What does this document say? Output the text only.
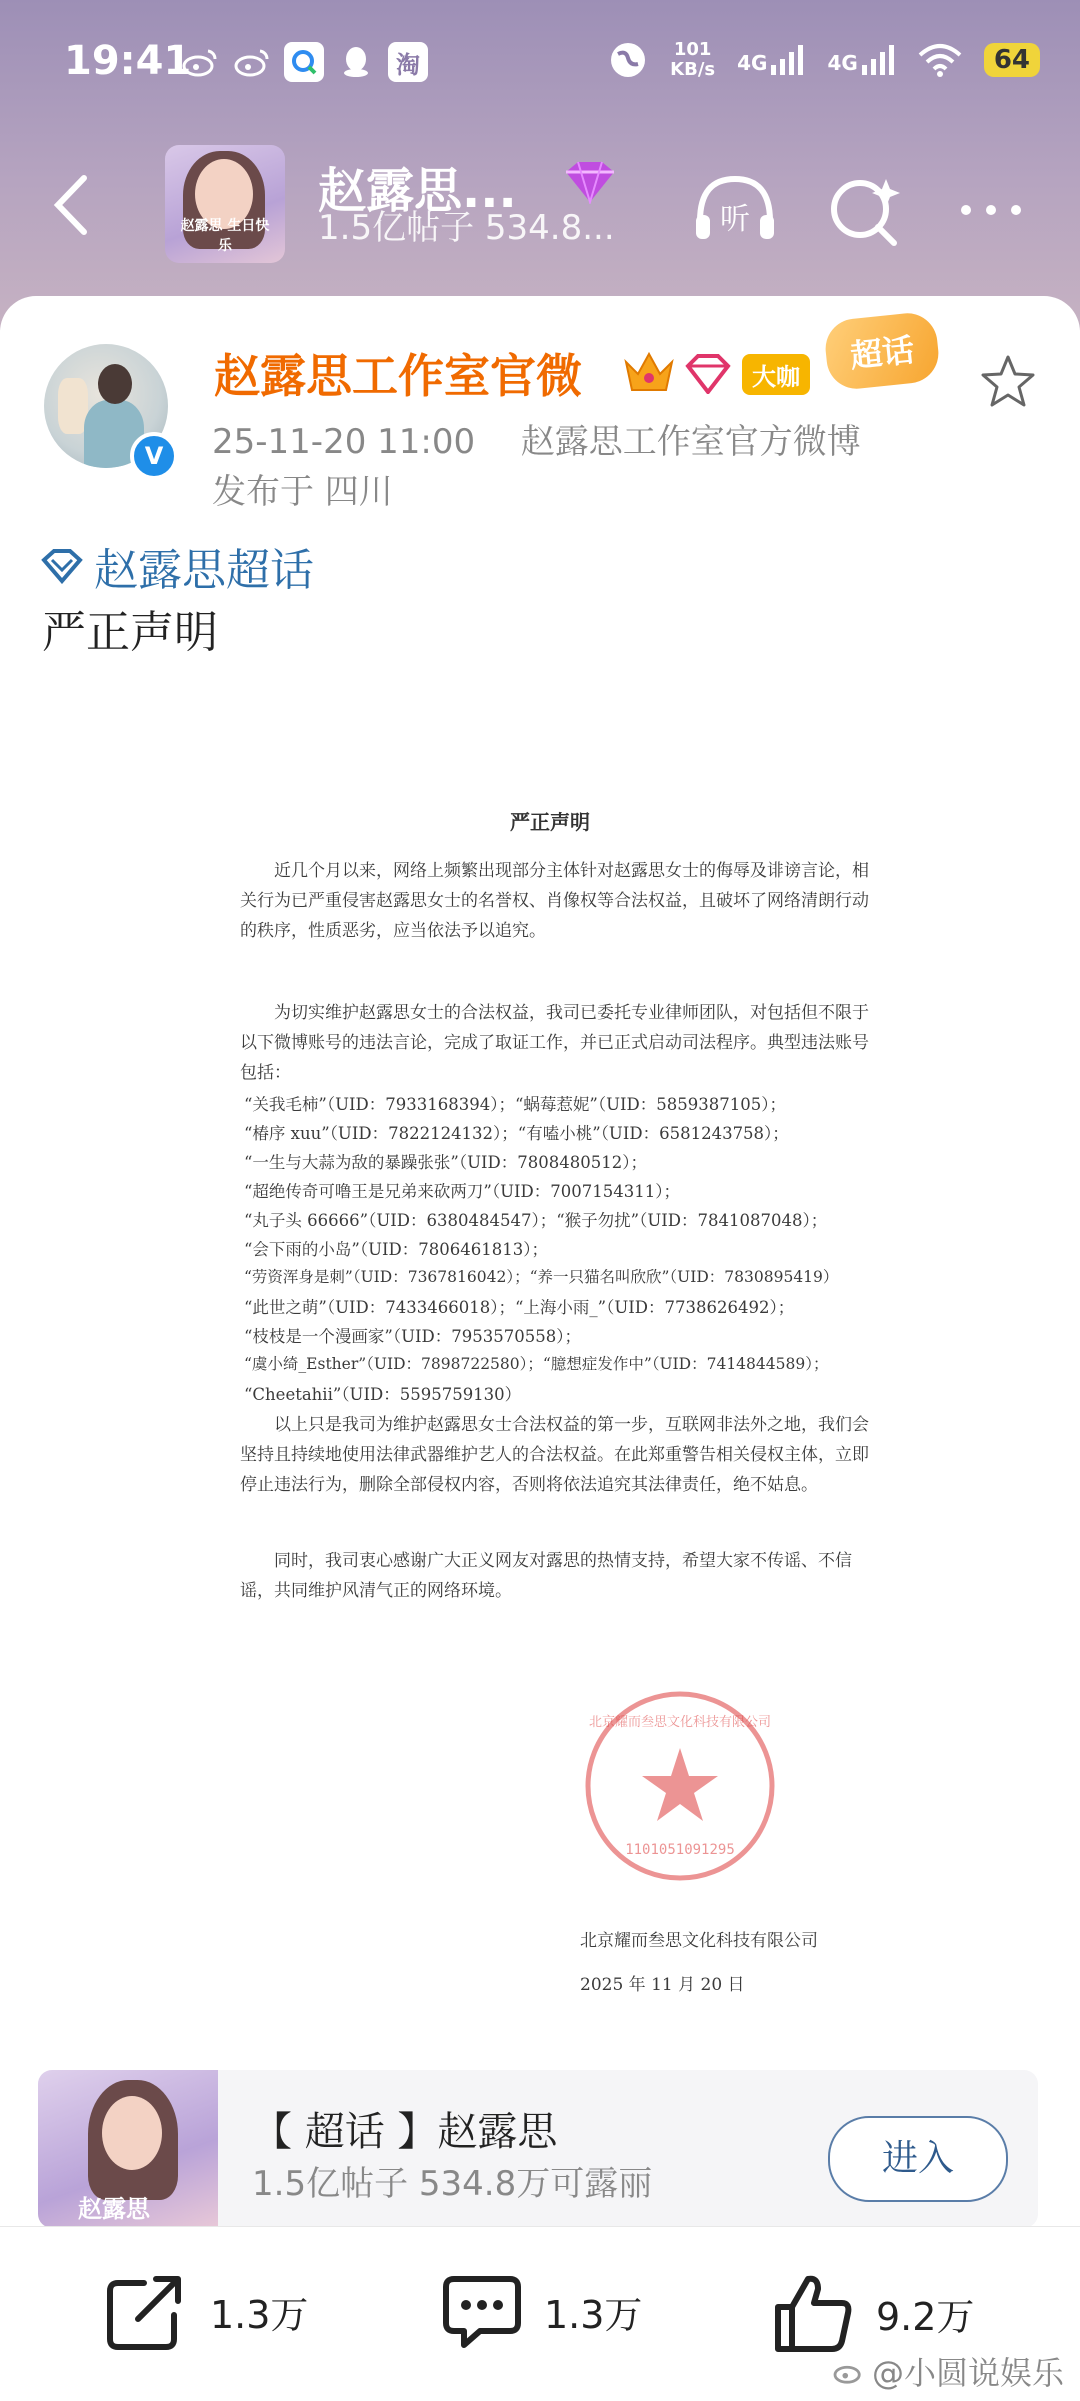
19:41	淘
101
KB/s 4G	4G	64
赵露思 生日快乐
赵露思...
1.5亿帖子 534.8...	听
V
赵露思工作室官微	大咖
超话
25-11-20 11:00 赵露思工作室官方微博
发布于 四川
赵露思超话
严正声明
严正声明

近几个月以来，网络上频繁出现部分主体针对赵露思女士的侮辱及诽谤言论，相关行为已严重侵害赵露思女士的名誉权、肖像权等合法权益，且破坏了网络清朗行动的秩序，性质恶劣，应当依法予以追究。

为切实维护赵露思女士的合法权益，我司已委托专业律师团队，对包括但不限于以下微博账号的违法言论，完成了取证工作，并已正式启动司法程序。典型违法账号包括：

“关我毛柿”（UID：7933168394）；“蜗莓惹妮”（UID：5859387105）；
“椿序 xuu”（UID：7822124132）；“有嗑小桃”（UID：6581243758）；
“一生与大蒜为敌的暴躁张张”（UID：7808480512）；
“超绝传奇可噜王是兄弟来砍两刀”（UID：7007154311）；
“丸子头 66666”（UID：6380484547）；“猴子勿扰”（UID：7841087048）；
“会下雨的小岛”（UID：7806461813）；
“劳资浑身是刺”（UID：7367816042）；“养一只猫名叫欣欣”（UID：7830895419）
“此世之萌”（UID：7433466018）；“上海小雨_”（UID：7738626492）；
“枝枝是一个漫画家”（UID：7953570558）；
“虞小绮_Esther”（UID：7898722580）；“臆想症发作中”（UID：7414844589）；
“Cheetahii”（UID：5595759130）

以上只是我司为维护赵露思女士合法权益的第一步，互联网非法外之地，我们会坚持且持续地使用法律武器维护艺人的合法权益。在此郑重警告相关侵权主体，立即停止违法行为，删除全部侵权内容，否则将依法追究其法律责任，绝不姑息。

同时，我司衷心感谢广大正义网友对露思的热情支持，希望大家不传谣、不信谣，共同维护风清气正的网络环境。

1101051091295
北京耀而叁思文化科技有限公司
北京耀而叁思文化科技有限公司
2025 年 11 月 20 日
赵露思
【 超话 】赵露思
1.5亿帖子 534.8万可露丽
进入
1.3万	1.3万	9.2万
@小圆说娱乐
